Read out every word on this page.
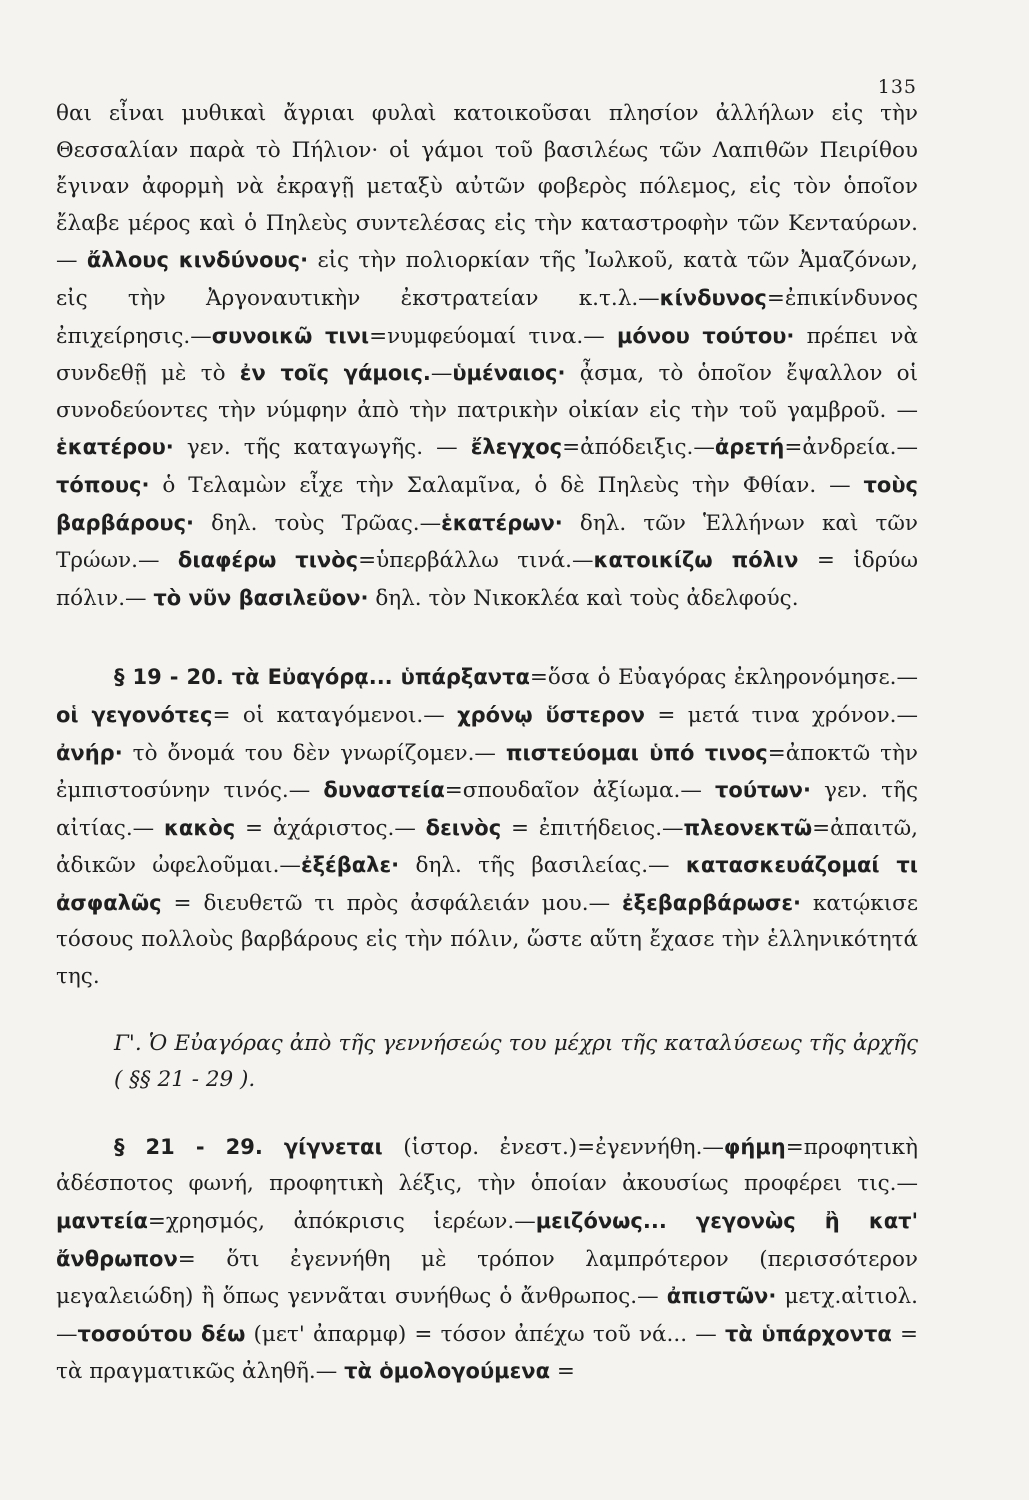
135

θαι εἶναι μυθικαὶ ἄγριαι φυλαὶ κατοικοῦσαι πλησίον ἀλλήλων εἰς τὴν Θεσσαλίαν παρὰ τὸ Πήλιον· οἱ γάμοι τοῦ βασιλέως τῶν Λαπιθῶν Πειρίθου ἔγιναν ἀφορμὴ νὰ ἐκραγῇ μεταξὺ αὐτῶν φοβερὸς πόλεμος, εἰς τὸν ὁποῖον ἔλαβε μέρος καὶ ὁ Πηλεὺς συντελέσας εἰς τὴν καταστροφὴν τῶν Κενταύρων. — ἄλλους κινδύνους· εἰς τὴν πολιορκίαν τῆς Ἰωλκοῦ, κατὰ τῶν Ἀμαζόνων, εἰς τὴν Ἀργοναυτικὴν ἐκστρατείαν κ.τ.λ.—κίνδυνος=ἐπικίνδυνος ἐπιχείρησις.—συνοικῶ τινι=νυμφεύομαί τινα.— μόνου τούτου· πρέπει νὰ συνδεθῇ μὲ τὸ ἐν τοῖς γάμοις.—ὑμέναιος· ᾆσμα, τὸ ὁποῖον ἔψαλλον οἱ συνοδεύοντες τὴν νύμφην ἀπὸ τὴν πατρικὴν οἰκίαν εἰς τὴν τοῦ γαμβροῦ. — ἑκατέρου· γεν. τῆς καταγωγῆς. — ἔλεγχος=ἀπόδειξις.—ἀρετή=ἀνδρεία.—τόπους· ὁ Τελαμὼν εἶχε τὴν Σαλαμῖνα, ὁ δὲ Πηλεὺς τὴν Φθίαν. — τοὺς βαρβάρους· δηλ. τοὺς Τρῶας.—ἑκατέρων· δηλ. τῶν Ἑλλήνων καὶ τῶν Τρώων.— διαφέρω τινὸς=ὑπερβάλλω τινά.—κατοικίζω πόλιν = ἱδρύω πόλιν.— τὸ νῦν βασιλεῦον· δηλ. τὸν Νικοκλέα καὶ τοὺς ἀδελφούς.

§ 19 - 20. τὰ Εὐαγόρᾳ... ὑπάρξαντα=ὅσα ὁ Εὐαγόρας ἐκληρονόμησε.— οἱ γεγονότες= οἱ καταγόμενοι.— χρόνῳ ὕστερον = μετά τινα χρόνον.—ἀνήρ· τὸ ὄνομά του δὲν γνωρίζομεν.— πιστεύομαι ὑπό τινος=ἀποκτῶ τὴν ἐμπιστοσύνην τινός.— δυναστεία=σπουδαῖον ἀξίωμα.— τούτων· γεν. τῆς αἰτίας.— κακὸς = ἀχάριστος.— δεινὸς = ἐπιτήδειος.—πλεονεκτῶ=ἀπαιτῶ, ἀδικῶν ὠφελοῦμαι.—ἐξέβαλε· δηλ. τῆς βασιλείας.— κατασκευάζομαί τι ἀσφαλῶς = διευθετῶ τι πρὸς ἀσφάλειάν μου.— ἐξεβαρβάρωσε· κατῴκισε τόσους πολλοὺς βαρβάρους εἰς τὴν πόλιν, ὥστε αὕτη ἔχασε τὴν ἑλληνικότητά της.

Γ'. Ὁ Εὐαγόρας ἀπὸ τῆς γεννήσεώς του μέχρι τῆς καταλύσεως τῆς ἀρχῆς ( §§ 21 - 29 ).

§ 21 - 29. γίγνεται (ἱστορ. ἐνεστ.)=ἐγεννήθη.—φήμη=προφητικὴ ἀδέσποτος φωνή, προφητικὴ λέξις, τὴν ὁποίαν ἀκουσίως προφέρει τις.—μαντεία=χρησμός, ἀπόκρισις ἱερέων.—μειζόνως... γεγονὼς ἢ κατ' ἄνθρωπον= ὅτι ἐγεννήθη μὲ τρόπον λαμπρότερον (περισσότερον μεγαλειώδη) ἢ ὅπως γεννᾶται συνήθως ὁ ἄνθρωπος.— ἀπιστῶν· μετχ.αἰτιολ.—τοσούτου δέω (μετ' ἀπαρμφ) = τόσον ἀπέχω τοῦ νά... — τὰ ὑπάρχοντα = τὰ πραγματικῶς ἀληθῆ.— τὰ ὁμολογούμενα =
